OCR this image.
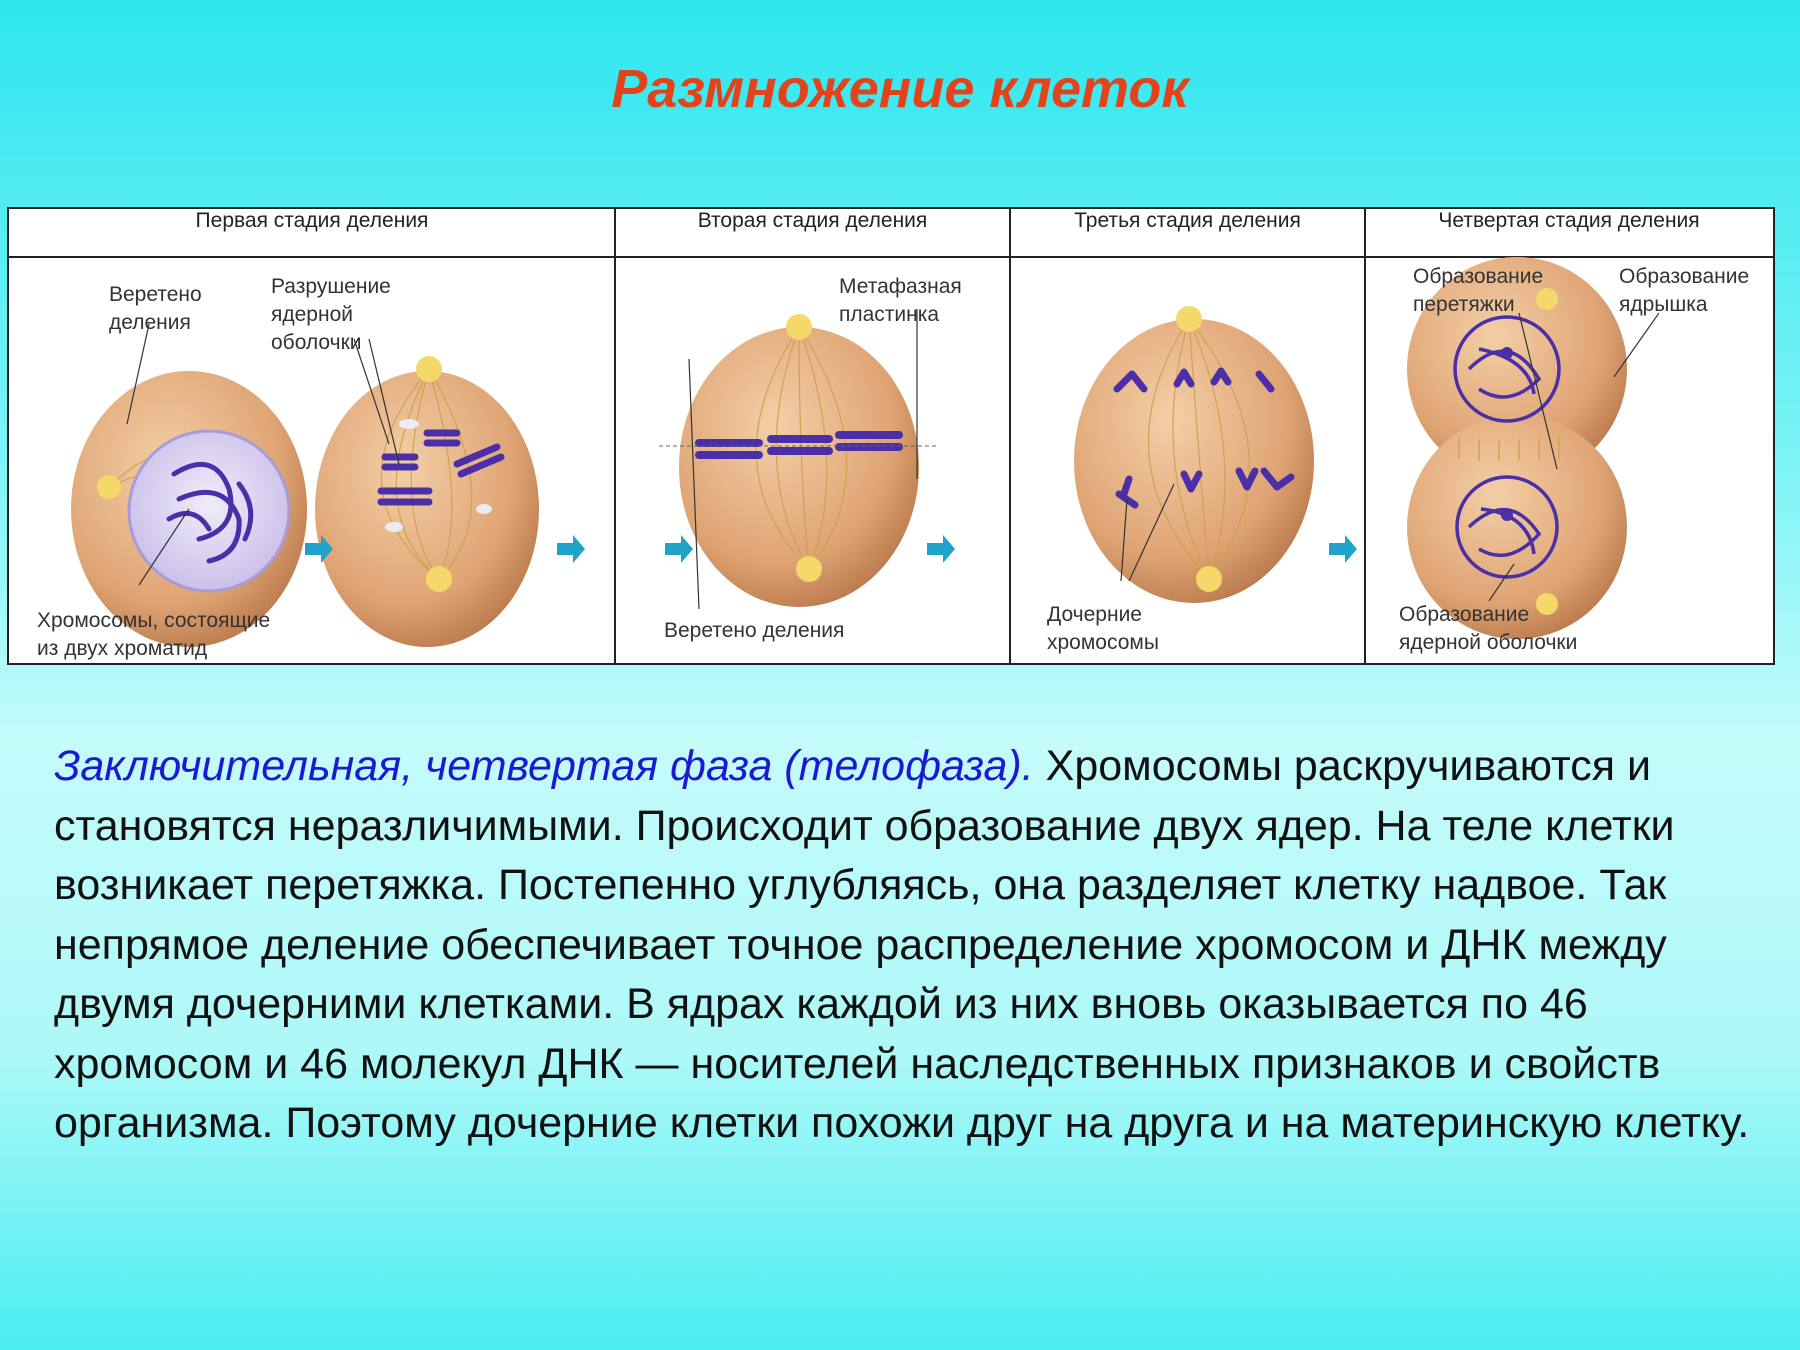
Размножение клеток
Первая стадия деления	Вторая стадия деления	Третья стадия деления	Четвертая стадия деления
Веретено
деления
Разрушение
ядерной
оболочки
Хромосомы, состоящие
из двух хроматид
Метафазная
пластинка
Веретено деления
Дочерние
хромосомы
Образование
перетяжки
Образование
ядрышка
Образование
ядерной оболочки
Заключительная, четвертая фаза (телофаза). Хромосомы раскручиваются и становятся неразличимыми. Происходит образование двух ядер. На теле клетки возникает перетяжка. Постепенно углубляясь, она разделяет клетку надвое. Так непрямое деление обеспечивает точное распределение хромосом и ДНК между двумя дочерними клетками. В ядрах каждой из них вновь оказывается по 46 хромосом и 46 молекул ДНК — носителей наследственных признаков и свойств организма. Поэтому дочерние клетки похожи друг на друга и на материнскую клетку.
